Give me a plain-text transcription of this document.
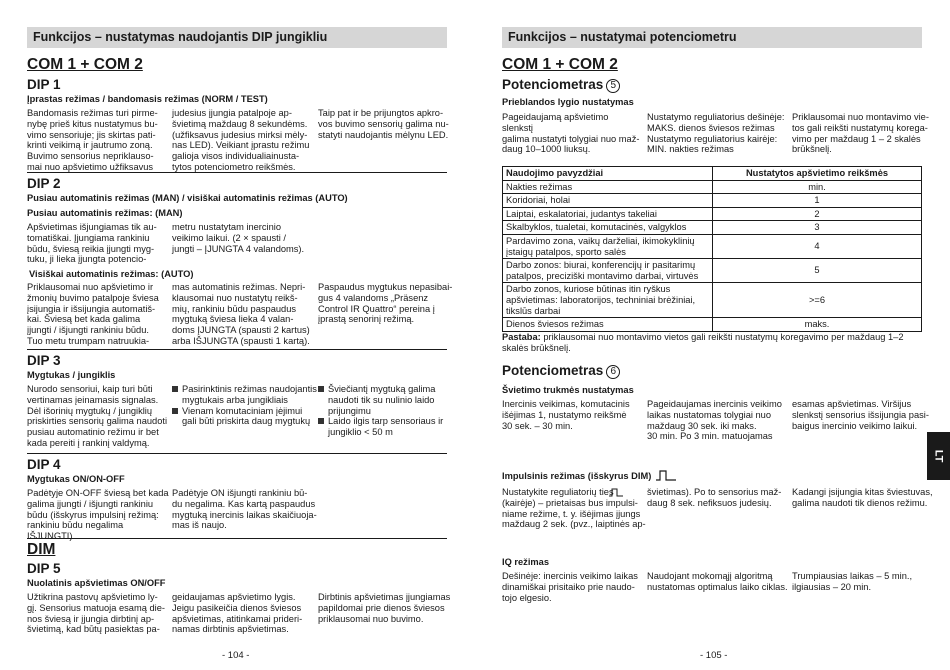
Funkcijos – nustatymas naudojantis DIP jungikliu
COM 1 + COM 2
DIP 1
Įprastas režimas / bandomasis režimas (NORM / TEST)
Bandomasis režimas turi pirme-
nybę prieš kitus nustatymus bu-
vimo sensoriuje; jis skirtas pati-
krinti veikimą ir jautrumo zoną.
Buvimo sensorius nepriklauso-
mai nuo apšvietimo užfiksavus
judesius įjungia patalpoje ap-
švietimą maždaug 8 sekundėms.
(užfiksavus judesius mirksi mėly-
nas LED). Veikiant įprastu režimu
galioja visos individualiainusta-
tytos potenciometro reikšmės.
Taip pat ir be prijungtos apkro-
vos buvimo sensorių galima nu-
statyti naudojantis mėlynu LED.
DIP 2
Pusiau automatinis režimas (MAN) / visiškai automatinis režimas (AUTO)
Pusiau automatinis režimas: (MAN)
Apšvietimas išjungiamas tik au-
tomatiškai. Įjungiama rankiniu
būdu, šviesą reikia įjungti myg-
tuku, ji lieka įjungta potencio-
metru nustatytam inercinio
veikimo laikui. (2 × spausti /
jungti – ĮJUNGTA 4 valandoms).
Visiškai automatinis režimas: (AUTO)
Priklausomai nuo apšvietimo ir
žmonių buvimo patalpoje šviesa
įsijungia ir išsijungia automatiš-
kai. Šviesą bet kada galima
įjungti / išjungti rankiniu būdu.
Tuo metu trumpam natruukia-
mas automatinis režimas. Nepri-
klausomai nuo nustatytų reikš-
mių, rankiniu būdu paspaudus
mygtuką šviesa lieka 4 valan-
doms ĮJUNGTA (spausti 2 kartus)
arba IŠJUNGTA (spausti 1 kartą).
Paspaudus mygtukus nepasibai-
gus 4 valandoms „Präsenz
Control IR Quattro“ pereina į
įprastą senorinį režimą.
DIP 3
Mygtukas / jungiklis
Nurodo sensoriui, kaip turi būti
vertinamas įeinamasis signalas.
Dėl išorinių mygtukų / jungiklių
priskirties sensorių galima naudoti
pusiau automatinio režimu ir bet
kada pereiti į rankinį valdymą.
Pasirinktinis režimas naudojantis
mygtukais arba jungikliais
Vienam komutaciniam įėjimui
gali būti priskirta daug mygtukų
Šviečiantį mygtuką galima
naudoti tik su nulinio laido
prijungimu
Laido ilgis tarp sensoriaus ir
jungiklio < 50 m
DIP 4
Mygtukas ON/ON-OFF
Padėtyje ON-OFF šviesą bet kada
galima įjungti / išjungti rankiniu
būdu (išskyrus impulsinį režimą:
rankiniu būdu negalima IŠJUNGTI).
Padėtyje ON išjungti rankiniu bū-
du negalima. Kas kartą paspaudus
mygtuką inercinis laikas skaičiuoja-
mas iš naujo.
DIM
DIP 5
Nuolatinis apšvietimas ON/OFF
Užtikrina pastovų apšvietimo ly-
gį. Sensorius matuoja esamą die-
nos šviesą ir įjungia dirbtinį ap-
švietimą, kad būtų pasiektas pa-
geidaujamas apšvietimo lygis.
Jeigu pasikeičia dienos šviesos
apšvietimas, atitinkamai prideri-
namas dirbtinis apšvietimas.
Dirbtinis apšvietimas įjungiamas
papildomai prie dienos šviesos
priklausomai nuo buvimo.
- 104 -
Funkcijos – nustatymai potenciometru
COM 1 + COM 2
Potenciometras 5
Prieblandos lygio nustatymas
Pageidaujamą apšvietimo slenkstį
galima nustatyti tolygiai nuo maž-
daug 10–1000 liuksų.
Nustatymo reguliatorius dešinėje:
MAKS. dienos šviesos režimas
Nustatymo reguliatorius kairėje:
MIN. nakties režimas
Priklausomai nuo montavimo vie-
tos gali reikšti nustatymų korega-
vimo per maždaug 1 – 2 skalės
brūkšnelį.
Naudojimo pavyzdžiai	Nustatytos apšvietimo reikšmės
Nakties režimas	min.
Koridoriai, holai	1
Laiptai, eskalatoriai, judantys takeliai	2
Skalbyklos, tualetai, komutacinės, valgyklos	3
Pardavimo zona, vaikų darželiai, ikimokyklinių
įstaigų patalpos, sporto salės	4
Darbo zonos: biurai, konferencijų ir pasitarimų
patalpos, preciziški montavimo darbai, virtuvės	5
Darbo zonos, kuriose būtinas itin ryškus
apšvietimas: laboratorijos, techniniai brėžiniai,
tikslūs darbai	>=6
Dienos šviesos režimas	maks.
Pastaba: priklausomai nuo montavimo vietos gali reikšti nustatymų koregavimo per maždaug 1–2 skalės brūkšnelį.
Potenciometras 6
Švietimo trukmės nustatymas
Inercinis veikimas, komutacinis
išėjimas 1, nustatymo reikšmė
30 sek. – 30 min.
Pageidaujamas inercinis veikimo
laikas nustatomas tolygiai nuo
maždaug 30 sek. iki maks.
30 min. Po 3 min. matuojamas
esamas apšvietimas. Viršijus
slenkstį sensorius išsijungia pasi-
baigus inercinio veikimo laikui.
Impulsinis režimas (išskyrus DIM)
Nustatykite reguliatorių ties
(kairėje) – prietaisas bus impulsi-
niame režime, t. y. išėjimas įjungs
maždaug 2 sek. (pvz., laiptinės ap-
švietimas). Po to sensorius maž-
daug 8 sek. nefiksuos judesių.
Kadangi įsijungia kitas šviestuvas,
galima naudoti tik dienos režimu.
IQ režimas
Dešinėje: inercinis veikimo laikas
dinamiškai prisitaiko prie naudo-
tojo elgesio.
Naudojant mokomąjį algoritmą
nustatomas optimalus laiko ciklas.
Trumpiausias laikas – 5 min.,
ilgiausias – 20 min.
- 105 -
LT
